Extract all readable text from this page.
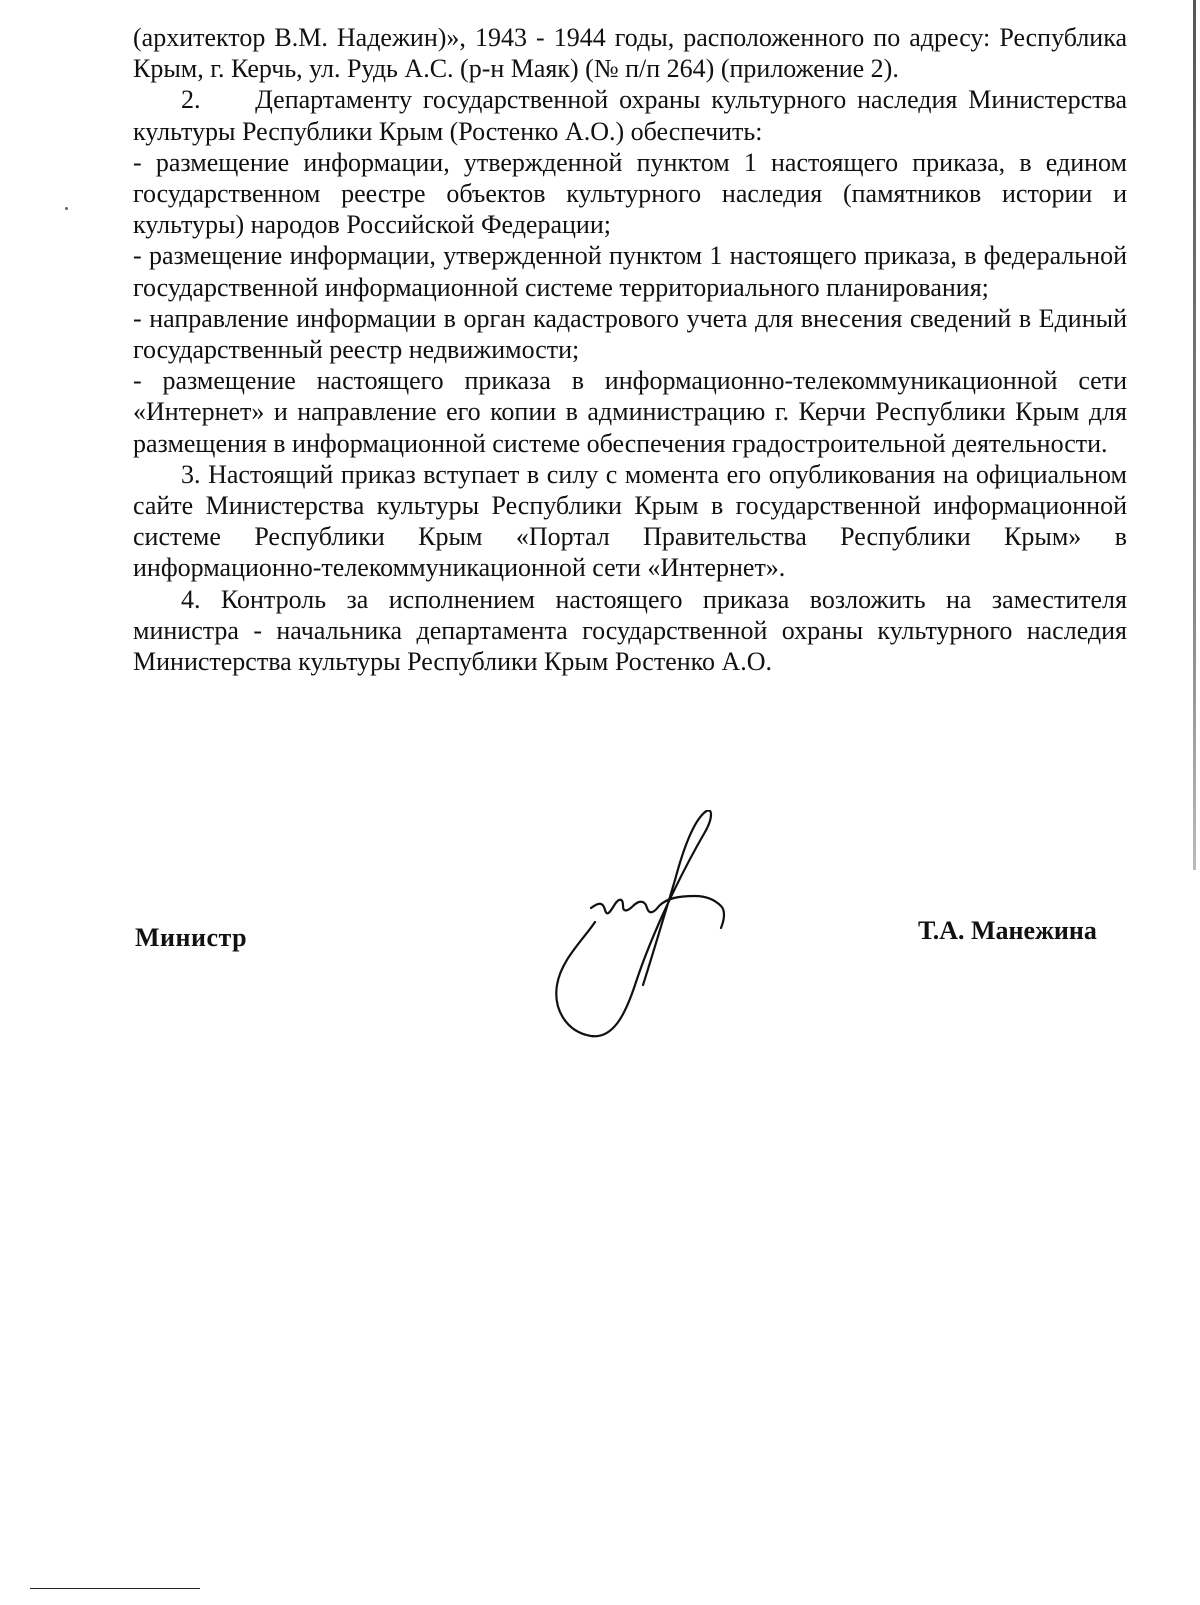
(архитектор В.М. Надежин)», 1943 - 1944 годы, расположенного по адресу: Республика Крым, г. Керчь, ул. Рудь А.С. (р-н Маяк) (№ п/п 264) (приложение 2).

2.     Департаменту государственной охраны культурного наследия Министерства культуры Республики Крым (Ростенко А.О.) обеспечить:

- размещение информации, утвержденной пунктом 1 настоящего приказа, в едином государственном реестре объектов культурного наследия (памятников истории и культуры) народов Российской Федерации;

- размещение информации, утвержденной пунктом 1 настоящего приказа, в федеральной государственной информационной системе территориального планирования;

- направление информации в орган кадастрового учета для внесения сведений в Единый государственный реестр недвижимости;

- размещение настоящего приказа в информационно-телекоммуникационной сети «Интернет» и направление его копии в администрацию г. Керчи Республики Крым для размещения в информационной системе обеспечения градостроительной деятельности.

3. Настоящий приказ вступает в силу с момента его опубликования на официальном сайте Министерства культуры Республики Крым в государственной информационной системе Республики Крым «Портал Правительства Республики Крым» в информационно-телекоммуникационной сети «Интернет».

4. Контроль за исполнением настоящего приказа возложить на заместителя министра - начальника департамента государственной охраны культурного наследия Министерства культуры Республики Крым Ростенко А.О.

Министр	Т.А. Манежина
